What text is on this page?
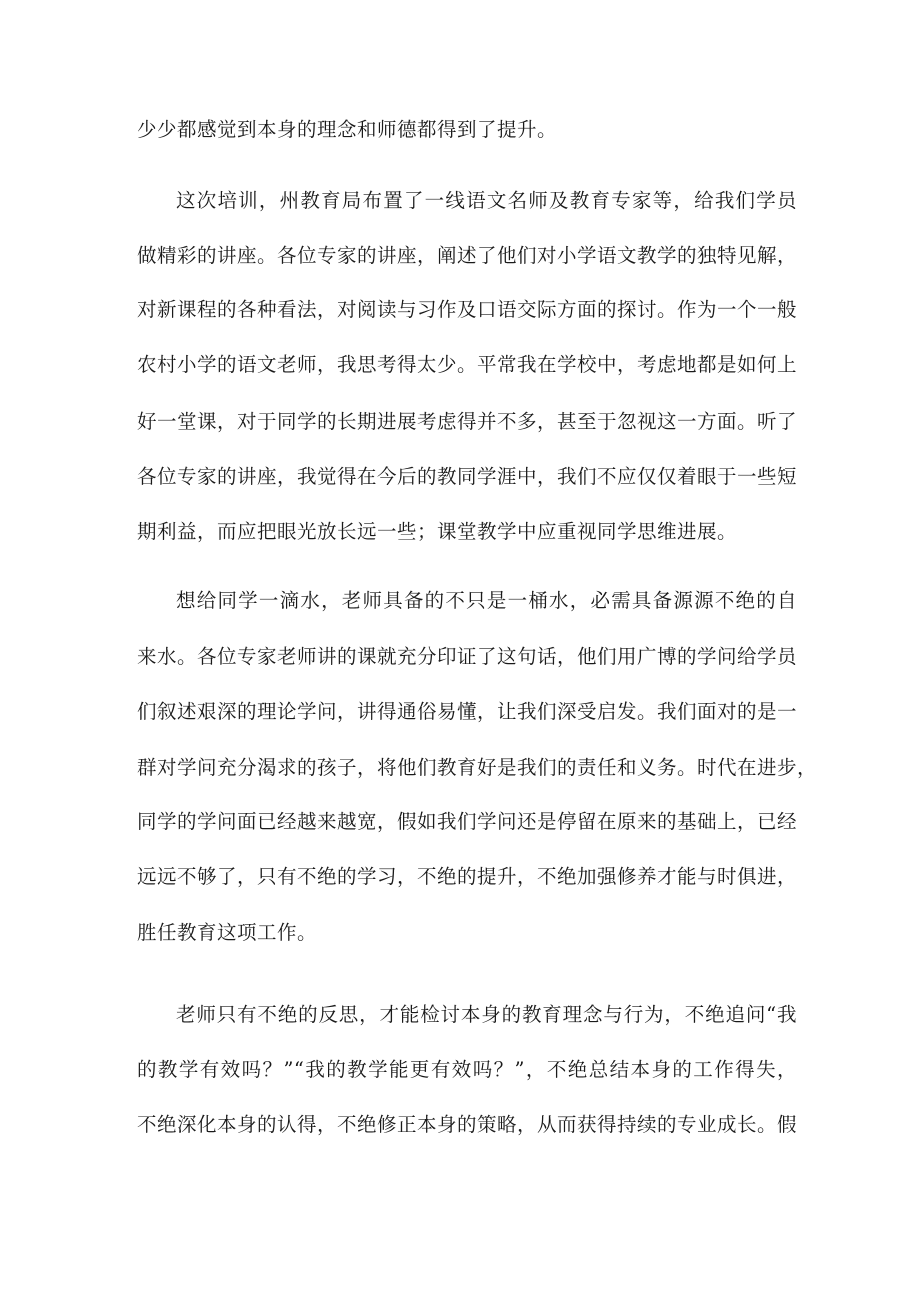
少少都感觉到本身的理念和师德都得到了提升。
这次培训，州教育局布置了一线语文名师及教育专家等，给我们学员
做精彩的讲座。各位专家的讲座，阐述了他们对小学语文教学的独特见解，
对新课程的各种看法，对阅读与习作及口语交际方面的探讨。作为一个一般
农村小学的语文老师，我思考得太少。平常我在学校中，考虑地都是如何上
好一堂课，对于同学的长期进展考虑得并不多，甚至于忽视这一方面。听了
各位专家的讲座，我觉得在今后的教同学涯中，我们不应仅仅着眼于一些短
期利益，而应把眼光放长远一些；课堂教学中应重视同学思维进展。
想给同学一滴水，老师具备的不只是一桶水，必需具备源源不绝的自
来水。各位专家老师讲的课就充分印证了这句话，他们用广博的学问给学员
们叙述艰深的理论学问，讲得通俗易懂，让我们深受启发。我们面对的是一
群对学问充分渴求的孩子，将他们教育好是我们的责任和义务。时代在进步，
同学的学问面已经越来越宽，假如我们学问还是停留在原来的基础上，已经
远远不够了，只有不绝的学习，不绝的提升，不绝加强修养才能与时俱进，
胜任教育这项工作。
老师只有不绝的反思，才能检讨本身的教育理念与行为，不绝追问“我
的教学有效吗？”“我的教学能更有效吗？”，不绝总结本身的工作得失，
不绝深化本身的认得，不绝修正本身的策略，从而获得持续的专业成长。假
